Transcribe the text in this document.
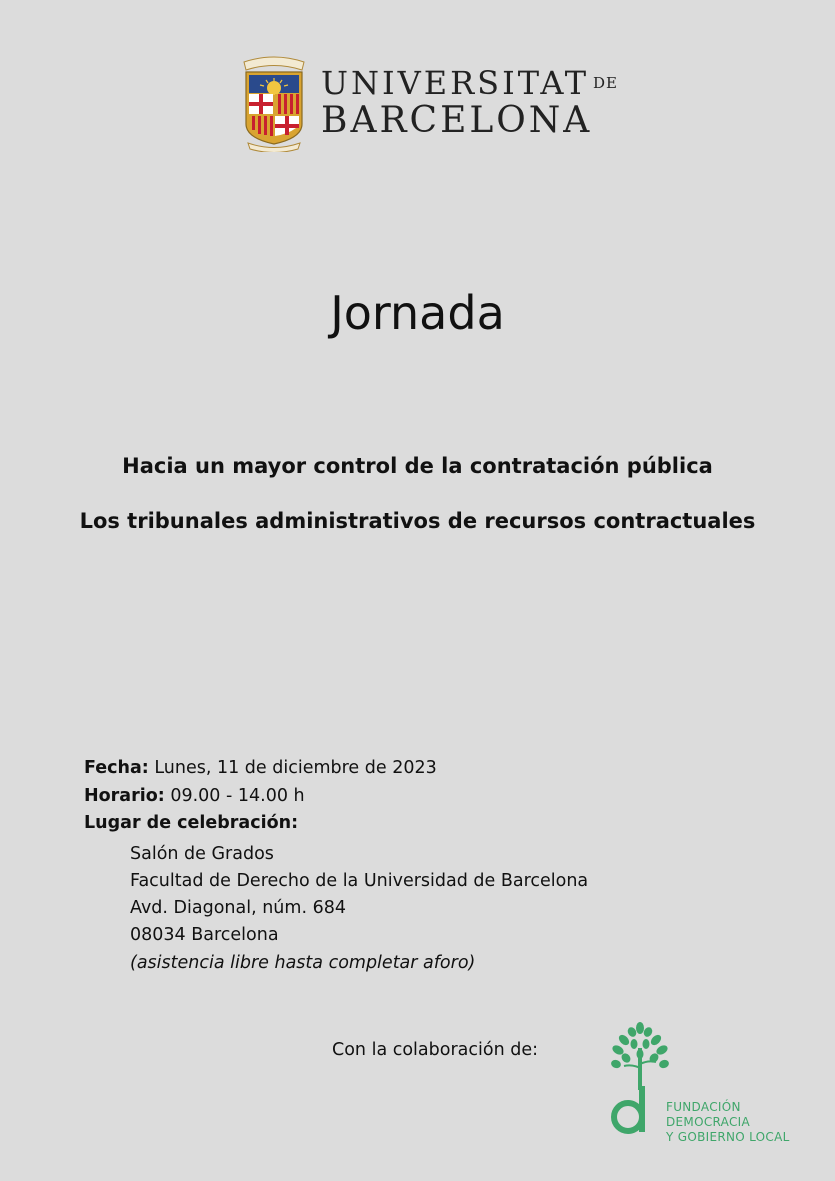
UNIVERSITAT DE
BARCELONA
Jornada
Hacia un mayor control de la contratación pública
Los tribunales administrativos de recursos contractuales
Fecha: Lunes, 11 de diciembre de 2023
Horario: 09.00 - 14.00 h
Lugar de celebración:
Salón de Grados
Facultad de Derecho de la Universidad de Barcelona
Avd. Diagonal, núm. 684
08034 Barcelona
(asistencia libre hasta completar aforo)
Con la colaboración de:
FUNDACIÓN
DEMOCRACIA
Y GOBIERNO LOCAL
